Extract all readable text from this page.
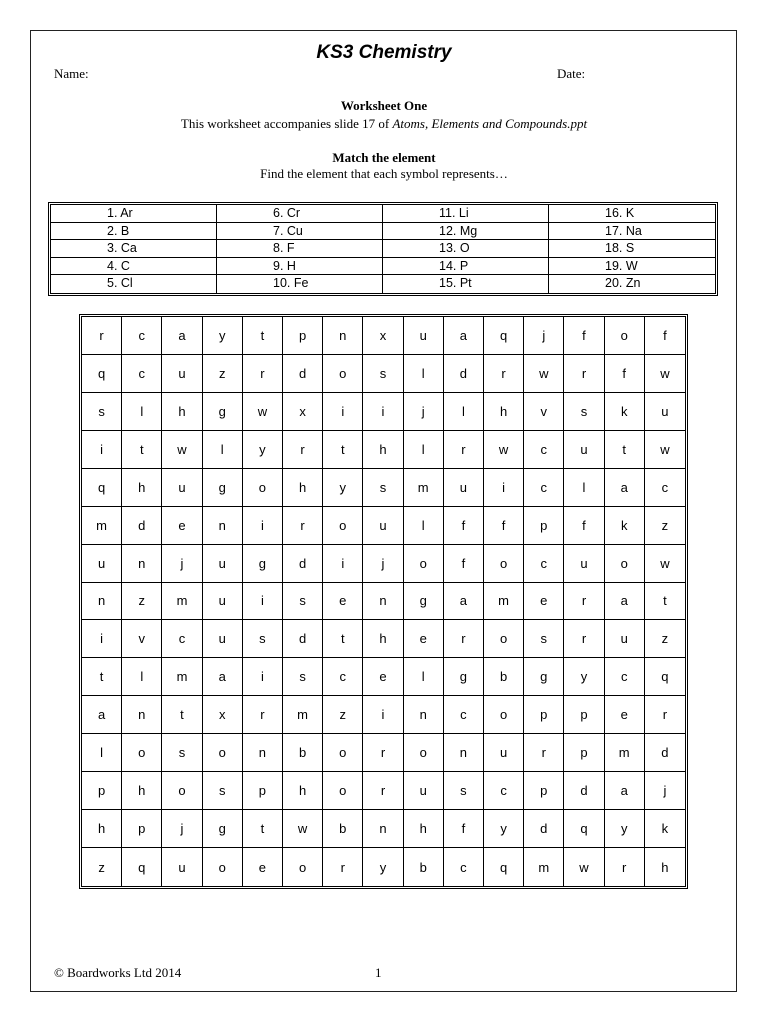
KS3 Chemistry
Name:	Date:
Worksheet One
This worksheet accompanies slide 17 of Atoms, Elements and Compounds.ppt
Match the element
Find the element that each symbol represents…
1. Ar	6. Cr	11. Li	16. K
2. B	7. Cu	12. Mg	17. Na
3. Ca	8. F	13. O	18. S
4. C	9. H	14. P	19. W
5. Cl	10. Fe	15. Pt	20. Zn
r	c	a	y	t	p	n	x	u	a	q	j	f	o	f
q	c	u	z	r	d	o	s	l	d	r	w	r	f	w
s	l	h	g	w	x	i	i	j	l	h	v	s	k	u
i	t	w	l	y	r	t	h	l	r	w	c	u	t	w
q	h	u	g	o	h	y	s	m	u	i	c	l	a	c
m	d	e	n	i	r	o	u	l	f	f	p	f	k	z
u	n	j	u	g	d	i	j	o	f	o	c	u	o	w
n	z	m	u	i	s	e	n	g	a	m	e	r	a	t
i	v	c	u	s	d	t	h	e	r	o	s	r	u	z
t	l	m	a	i	s	c	e	l	g	b	g	y	c	q
a	n	t	x	r	m	z	i	n	c	o	p	p	e	r
l	o	s	o	n	b	o	r	o	n	u	r	p	m	d
p	h	o	s	p	h	o	r	u	s	c	p	d	a	j
h	p	j	g	t	w	b	n	h	f	y	d	q	y	k
z	q	u	o	e	o	r	y	b	c	q	m	w	r	h
© Boardworks Ltd 2014	1
